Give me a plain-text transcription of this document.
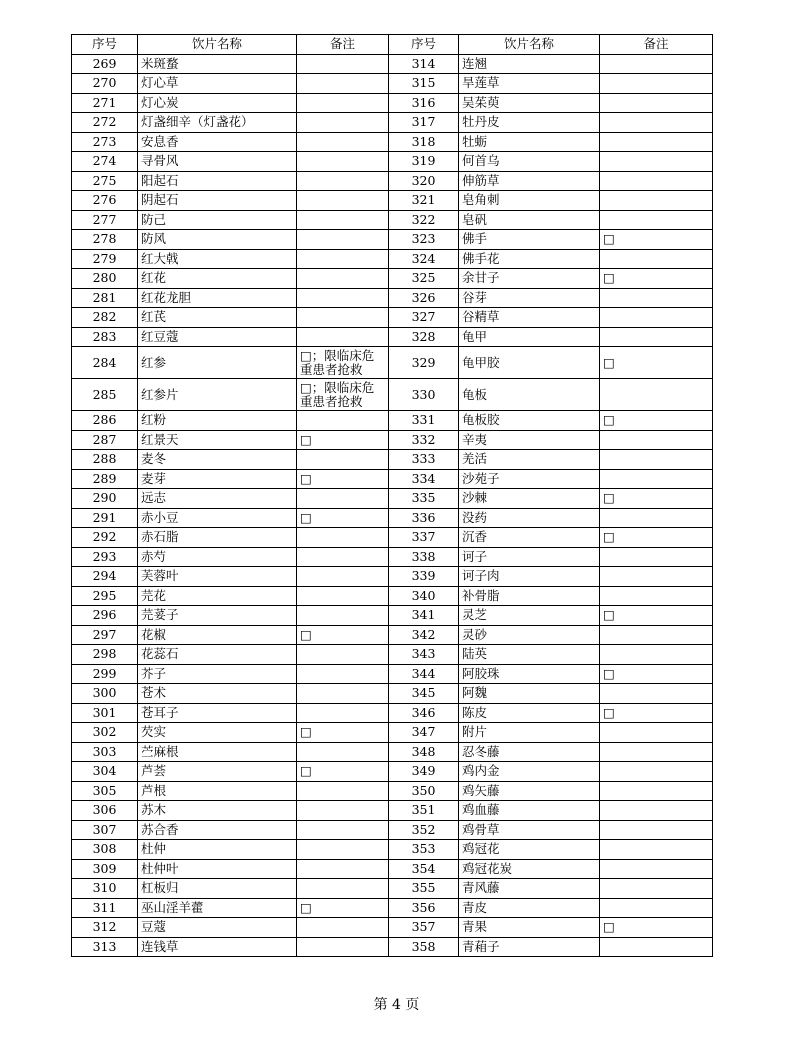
序号	饮片名称	备注	序号	饮片名称	备注
269	米斑蝥		314	连翘	
270	灯心草		315	旱莲草	
271	灯心炭		316	吴茱萸	
272	灯盏细辛（灯盏花）		317	牡丹皮	
273	安息香		318	牡蛎	
274	寻骨风		319	何首乌	
275	阳起石		320	伸筋草	
276	阴起石		321	皂角刺	
277	防己		322	皂矾	
278	防风		323	佛手	□
279	红大戟		324	佛手花	
280	红花		325	余甘子	□
281	红花龙胆		326	谷芽	
282	红芪		327	谷精草	
283	红豆蔻		328	龟甲	
284	红参	□；限临床危重患者抢救	329	龟甲胶	□
285	红参片	□；限临床危重患者抢救	330	龟板	
286	红粉		331	龟板胶	□
287	红景天	□	332	辛夷	
288	麦冬		333	羌活	
289	麦芽	□	334	沙苑子	
290	远志		335	沙棘	□
291	赤小豆	□	336	没药	
292	赤石脂		337	沉香	□
293	赤芍		338	诃子	
294	芙蓉叶		339	诃子肉	
295	芫花		340	补骨脂	
296	芫荽子		341	灵芝	□
297	花椒	□	342	灵砂	
298	花蕊石		343	陆英	
299	芥子		344	阿胶珠	□
300	苍术		345	阿魏	
301	苍耳子		346	陈皮	□
302	芡实	□	347	附片	
303	苎麻根		348	忍冬藤	
304	芦荟	□	349	鸡内金	
305	芦根		350	鸡矢藤	
306	苏木		351	鸡血藤	
307	苏合香		352	鸡骨草	
308	杜仲		353	鸡冠花	
309	杜仲叶		354	鸡冠花炭	
310	杠板归		355	青风藤	
311	巫山淫羊藿	□	356	青皮	
312	豆蔻		357	青果	□
313	连钱草		358	青葙子	
第 4 页
